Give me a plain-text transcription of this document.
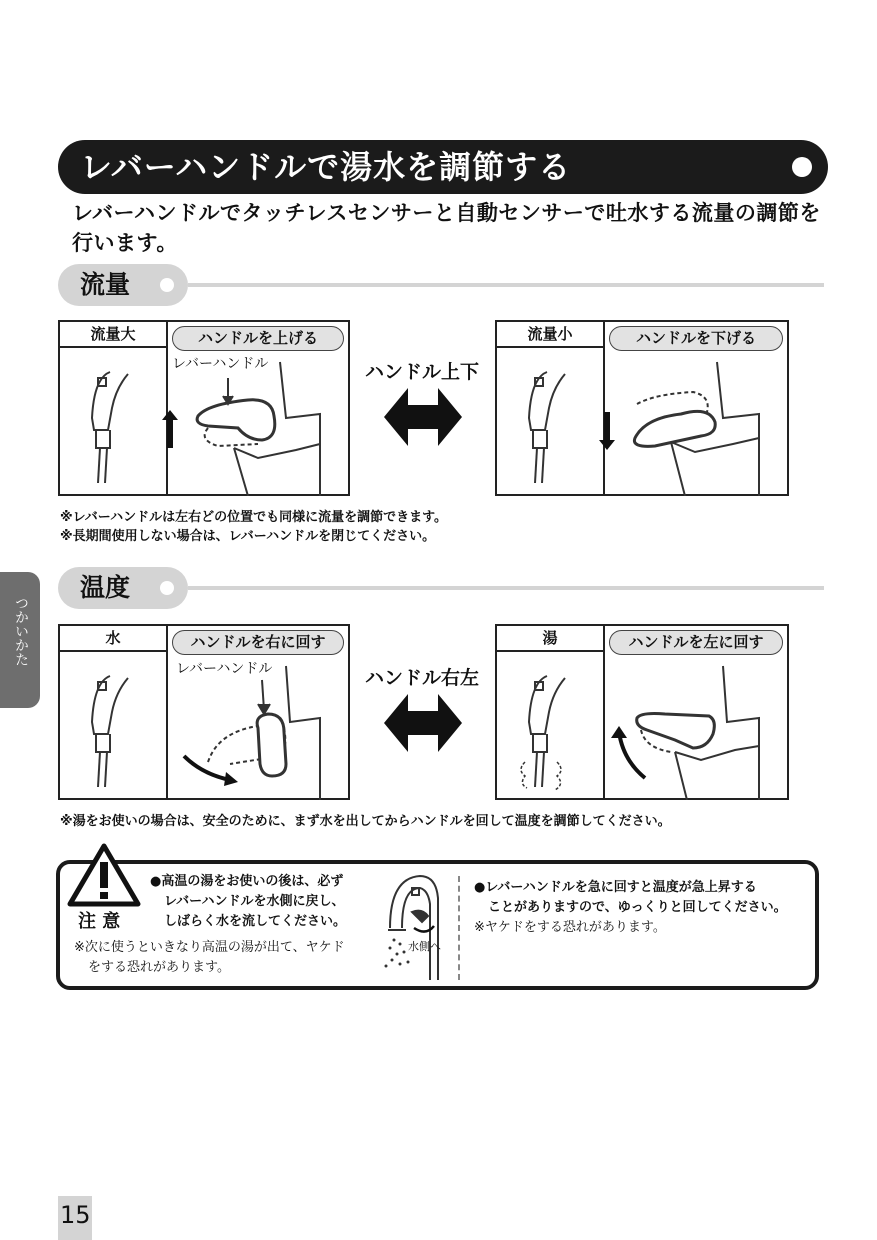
レバーハンドルで湯水を調節する
レバーハンドルでタッチレスセンサーと自動センサーで吐水する流量の調節を行います。
流量
流量大	ハンドルを上げる
レバーハンドル	ハンドル上下
流量小	ハンドルを下げる
※レバーハンドルは左右どの位置でも同様に流量を調節できます。
※長期間使用しない場合は、レバーハンドルを閉じてください。
温度
水	ハンドルを右に回す
レバーハンドル	ハンドル右左
湯	ハンドルを左に回す
※湯をお使いの場合は、安全のために、まず水を出してからハンドルを回して温度を調節してください。
注 意
●高温の湯をお使いの後は、必ず
レバーハンドルを水側に戻し、
しばらく水を流してください。
※次に使うといきなり高温の湯が出て、ヤケド
をする恐れがあります。
水側へ
●レバーハンドルを急に回すと温度が急上昇する
ことがありますので、ゆっくりと回してください。
※ヤケドをする恐れがあります。
つかいかた
15
